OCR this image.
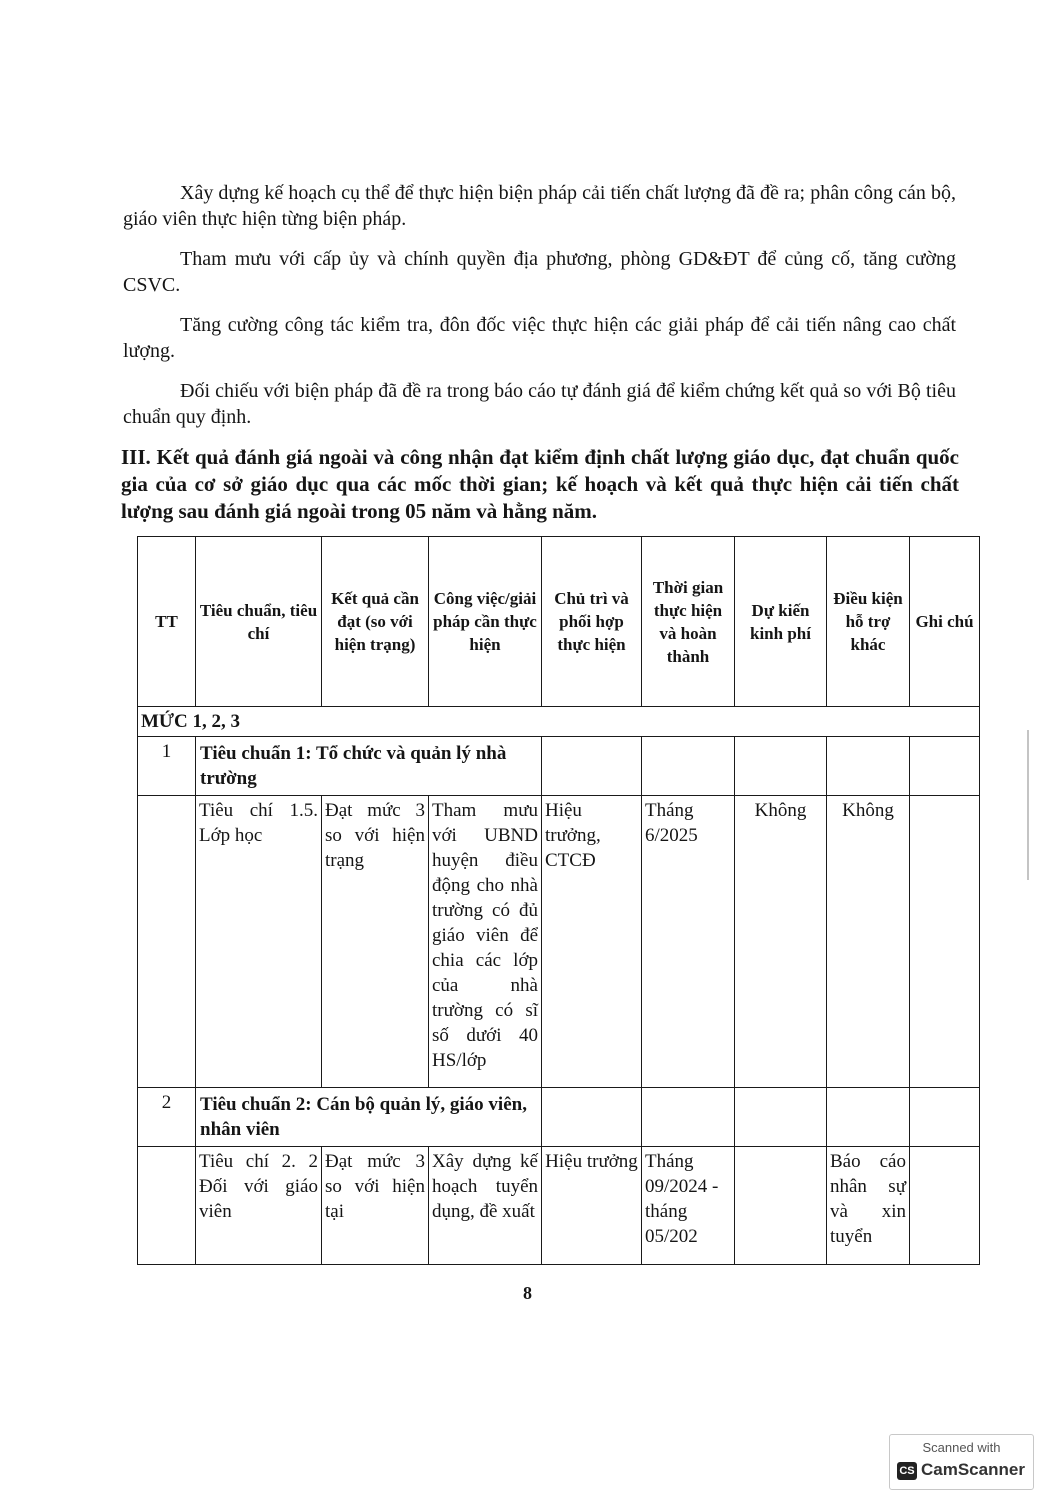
Xây dựng kế hoạch cụ thể để thực hiện biện pháp cải tiến chất lượng đã đề ra; phân công cán bộ, giáo viên thực hiện từng biện pháp.

Tham mưu với cấp ủy và chính quyền địa phương, phòng GD&ĐT để củng cố, tăng cường CSVC.

Tăng cường công tác kiểm tra, đôn đốc việc thực hiện các giải pháp để cải tiến nâng cao chất lượng.

Đối chiếu với biện pháp đã đề ra trong báo cáo tự đánh giá để kiểm chứng kết quả so với Bộ tiêu chuẩn quy định.

III. Kết quả đánh giá ngoài và công nhận đạt kiểm định chất lượng giáo dục, đạt chuẩn quốc gia của cơ sở giáo dục qua các mốc thời gian; kế hoạch và kết quả thực hiện cải tiến chất lượng sau đánh giá ngoài trong 05 năm và hằng năm.

TT	Tiêu chuẩn, tiêu chí	Kết quả cần đạt (so với hiện trạng)	Công việc/giải pháp cần thực hiện	Chủ trì và phối hợp thực hiện	Thời gian thực hiện và hoàn thành	Dự kiến kinh phí	Điều kiện hỗ trợ khác	Ghi chú
MỨC 1, 2, 3								
1	Tiêu chuẩn 1: Tổ chức và quản lý nhà trường							
	Tiêu chí 1.5. Lớp học	Đạt mức 3 so với hiện trạng	Tham mưu với UBND huyện điều động cho nhà trường có đủ giáo viên để chia các lớp của nhà trường có sĩ số dưới 40 HS/lớp	Hiệu trưởng, CTCĐ	Tháng 6/2025	Không	Không	
2	Tiêu chuẩn 2: Cán bộ quản lý, giáo viên, nhân viên							
	Tiêu chí 2. 2 Đối với giáo viên	Đạt mức 3 so với hiện tại	Xây dựng kế hoạch tuyển dụng, đề xuất	Hiệu trưởng	Tháng 09/2024 - tháng 05/202		Báo cáo nhân sự và xin tuyển	
8
Scanned with
CS CamScanner
